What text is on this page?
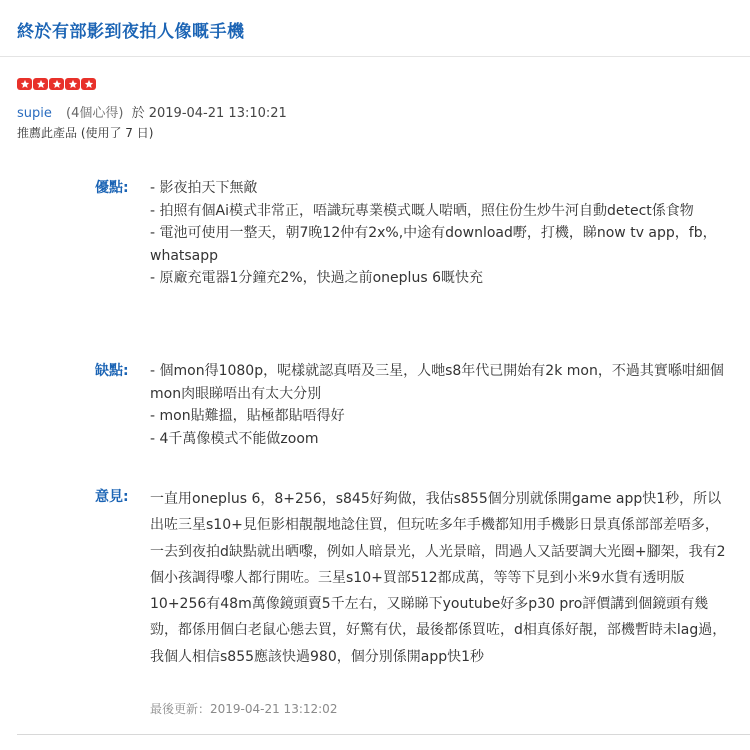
終於有部影到夜拍人像嘅手機
supie (4個心得) 於 2019-04-21 13:10:21
推薦此產品 (使用了 7 日)
優點:	- 影夜拍天下無敵
- 拍照有個Ai模式非常正，唔識玩專業模式嘅人啱晒，照住份生炒牛河自動detect係食物
- 電池可使用一整天，朝7晚12仲有2x%,中途有download嘢，打機，睇now tv app，fb，whatsapp
- 原廠充電器1分鐘充2%，快過之前oneplus 6嘅快充
缺點:	- 個mon得1080p，呢樣就認真唔及三星，人哋s8年代已開始有2k mon，不過其實喺咁細個mon肉眼睇唔出有太大分別
- mon貼難搵，貼極都貼唔得好
- 4千萬像模式不能做zoom
意見:	一直用oneplus 6，8+256，s845好夠做，我估s855個分別就係開game app快1秒，所以出咗三星s10+見佢影相靚靚地諗住買，但玩咗多年手機都知用手機影日景真係部部差唔多，一去到夜拍d缺點就出晒嚟，例如人暗景光，人光景暗，問過人又話要調大光圈+腳架，我有2個小孩調得嚟人都行開咗。三星s10+買部512都成萬，等等下見到小米9水貨有透明版10+256有48m萬像鏡頭賣5千左右，又睇睇下youtube好多p30 pro評價講到個鏡頭有幾勁，都係用個白老鼠心態去買，好驚有伏，最後都係買咗，d相真係好靚，部機暫時未lag過，我個人相信s855應該快過980，個分別係開app快1秒
最後更新：2019-04-21 13:12:02
